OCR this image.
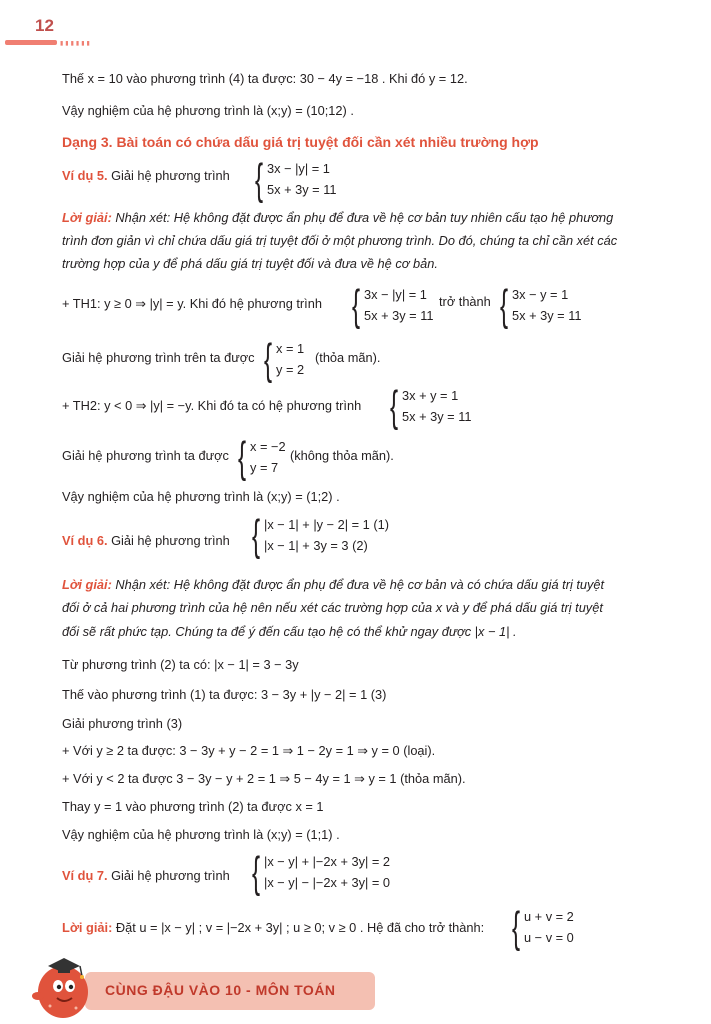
12
▮▮▮▮▮▮
Thế x = 10 vào phương trình (4) ta được: 30 − 4y = −18 . Khi đó y = 12.
Vậy nghiệm của hệ phương trình là (x;y) = (10;12) .
Dạng 3. Bài toán có chứa dấu giá trị tuyệt đối cần xét nhiều trường hợp
Ví dụ 5. Giải hệ phương trình { 3x − |y| = 1
5x + 3y = 11
Lời giải: Nhận xét: Hệ không đặt được ẩn phụ để đưa về hệ cơ bản tuy nhiên cấu tạo hệ phương
trình đơn giản vì chỉ chứa dấu giá trị tuyệt đối ở một phương trình. Do đó, chúng ta chỉ cần xét các
trường hợp của y để phá dấu giá trị tuyệt đối và đưa về hệ cơ bản.
+ TH1: y ≥ 0 ⇒ |y| = y. Khi đó hệ phương trình { 3x − |y| = 1
5x + 3y = 11
trở thành { 3x − y = 1
5x + 3y = 11
Giải hệ phương trình trên ta được { x = 1
y = 2
(thỏa mãn).
+ TH2: y < 0 ⇒ |y| = −y. Khi đó ta có hệ phương trình { 3x + y = 1
5x + 3y = 11
Giải hệ phương trình ta được { x = −2
y = 7
(không thỏa mãn).
Vậy nghiệm của hệ phương trình là (x;y) = (1;2) .
Ví dụ 6. Giải hệ phương trình { |x − 1| + |y − 2| = 1 (1)
|x − 1| + 3y = 3 (2)
Lời giải: Nhận xét: Hệ không đặt được ẩn phụ để đưa về hệ cơ bản và có chứa dấu giá trị tuyệt
đối ở cả hai phương trình của hệ nên nếu xét các trường hợp của x và y để phá dấu giá trị tuyệt
đối sẽ rất phức tạp. Chúng ta để ý đến cấu tạo hệ có thể khử ngay được |x − 1| .
Từ phương trình (2) ta có: |x − 1| = 3 − 3y
Thế vào phương trình (1) ta được: 3 − 3y + |y − 2| = 1 (3)
Giải phương trình (3)
+ Với y ≥ 2 ta được: 3 − 3y + y − 2 = 1 ⇒ 1 − 2y = 1 ⇒ y = 0 (loại).
+ Với y < 2 ta được 3 − 3y − y + 2 = 1 ⇒ 5 − 4y = 1 ⇒ y = 1 (thỏa mãn).
Thay y = 1 vào phương trình (2) ta được x = 1
Vậy nghiệm của hệ phương trình là (x;y) = (1;1) .
Ví dụ 7. Giải hệ phương trình { |x − y| + |−2x + 3y| = 2
|x − y| − |−2x + 3y| = 0
Lời giải: Đặt u = |x − y| ; v = |−2x + 3y| ; u ≥ 0; v ≥ 0 . Hệ đã cho trở thành: { u + v = 2
u − v = 0
CÙNG ĐẬU VÀO 10 - MÔN TOÁN
